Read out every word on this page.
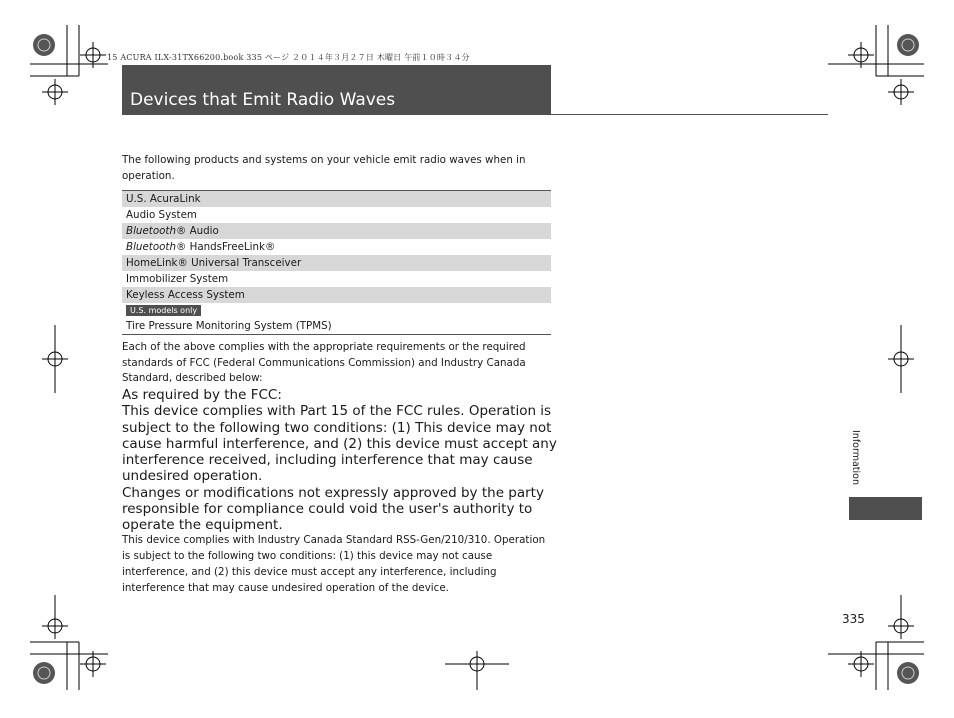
15 ACURA ILX-31TX66200.book 335 ページ ２０１４年３月２７日 木曜日 午前１０時３４分
Devices that Emit Radio Waves
The following products and systems on your vehicle emit radio waves when in operation.
U.S. AcuraLink
Audio System
Bluetooth® Audio
Bluetooth® HandsFreeLink®
HomeLink® Universal Transceiver
Immobilizer System
Keyless Access System
U.S. models only
Tire Pressure Monitoring System (TPMS)
Each of the above complies with the appropriate requirements or the required standards of FCC (Federal Communications Commission) and Industry Canada Standard, described below:

As required by the FCC:

This device complies with Part 15 of the FCC rules. Operation is subject to the following two conditions: (1) This device may not cause harmful interference, and (2) this device must accept any interference received, including interference that may cause undesired operation.

Changes or modifications not expressly approved by the party responsible for compliance could void the user's authority to operate the equipment.

This device complies with Industry Canada Standard RSS-Gen/210/310. Operation is subject to the following two conditions: (1) this device may not cause interference, and (2) this device must accept any interference, including interference that may cause undesired operation of the device.
Information
335
